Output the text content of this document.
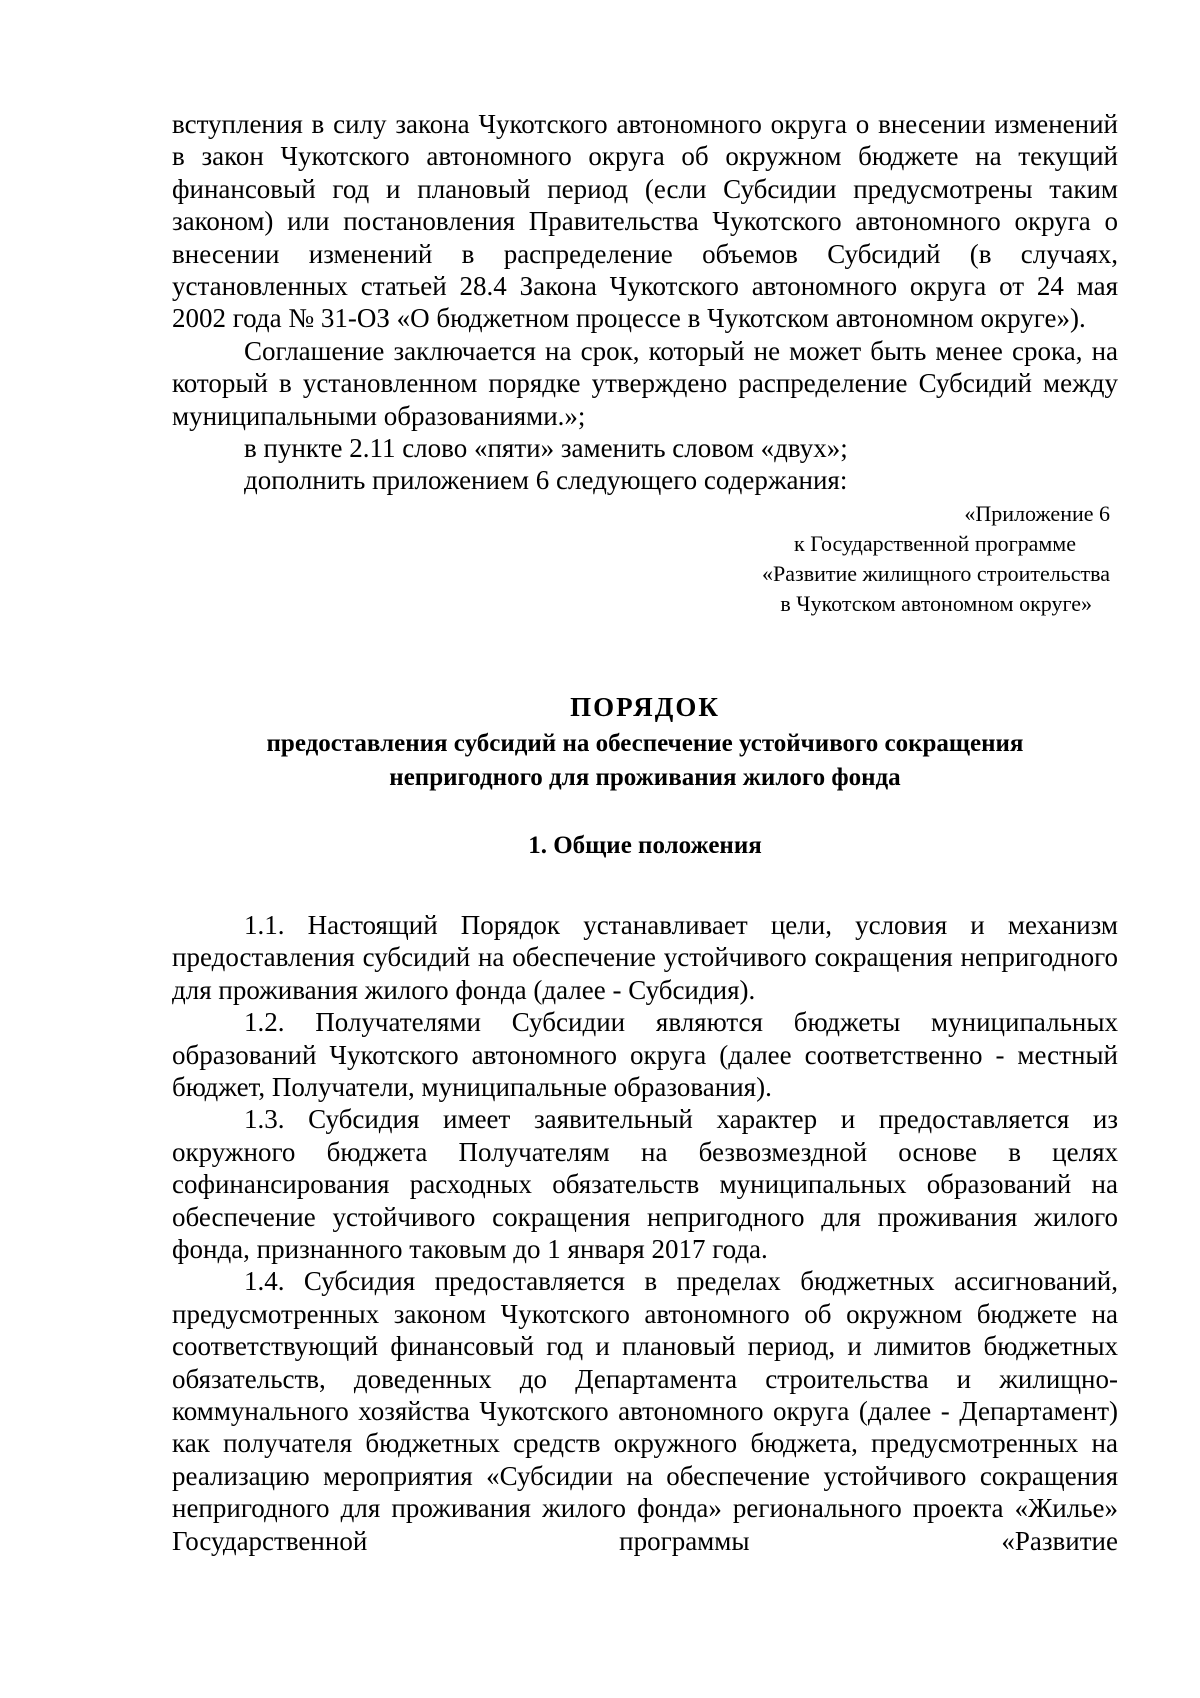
вступления в силу закона Чукотского автономного округа о внесении изменений в закон Чукотского автономного округа об окружном бюджете на текущий финансовый год и плановый период (если Субсидии предусмотрены таким законом) или постановления Правительства Чукотского автономного округа о внесении изменений в распределение объемов Субсидий (в случаях, установленных статьей 28.4 Закона Чукотского автономного округа от 24 мая 2002 года № 31-ОЗ «О бюджетном процессе в Чукотском автономном округе»).

Соглашение заключается на срок, который не может быть менее срока, на который в установленном порядке утверждено распределение Субсидий между муниципальными образованиями.»;

в пункте 2.11 слово «пяти» заменить словом «двух»;

дополнить приложением 6 следующего содержания:

«Приложение 6
к Государственной программе
«Развитие жилищного строительства
в Чукотском автономном округе»
ПОРЯДОК
предоставления субсидий на обеспечение устойчивого сокращения
непригодного для проживания жилого фонда
1. Общие положения

1.1. Настоящий Порядок устанавливает цели, условия и механизм предоставления субсидий на обеспечение устойчивого сокращения непригодного для проживания жилого фонда (далее - Субсидия).

1.2. Получателями Субсидии являются бюджеты муниципальных образований Чукотского автономного округа (далее соответственно - местный бюджет, Получатели, муниципальные образования).

1.3. Субсидия имеет заявительный характер и предоставляется из окружного бюджета Получателям на безвозмездной основе в целях софинансирования расходных обязательств муниципальных образований на обеспечение устойчивого сокращения непригодного для проживания жилого фонда, признанного таковым до 1 января 2017 года.

1.4. Субсидия предоставляется в пределах бюджетных ассигнований, предусмотренных законом Чукотского автономного об окружном бюджете на соответствующий финансовый год и плановый период, и лимитов бюджетных обязательств, доведенных до Департамента строительства и жилищно-коммунального хозяйства Чукотского автономного округа (далее - Департамент) как получателя бюджетных средств окружного бюджета, предусмотренных на реализацию мероприятия «Субсидии на обеспечение устойчивого сокращения непригодного для проживания жилого фонда» регионального проекта «Жилье» Государственной программы «Развитие
